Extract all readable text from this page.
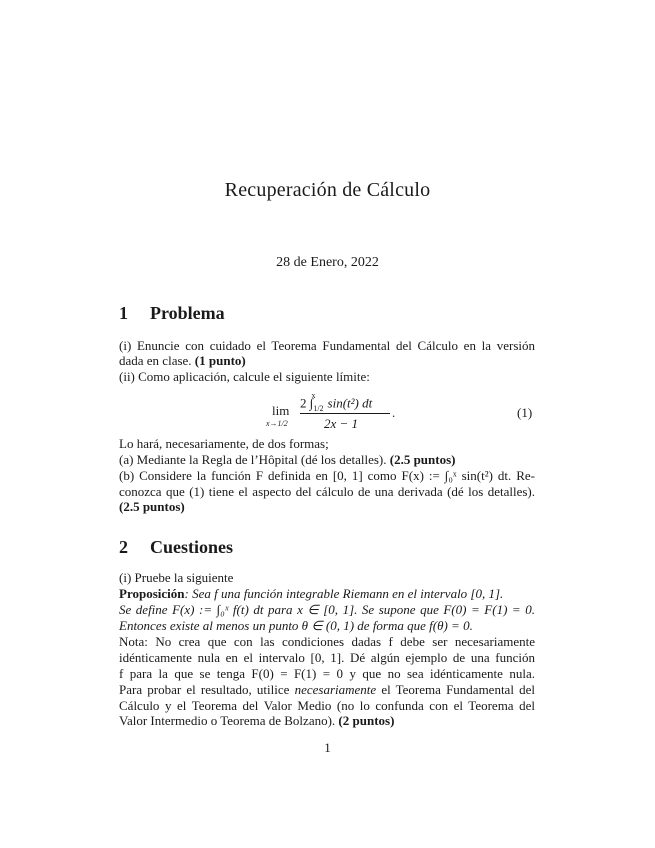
Recuperación de Cálculo
28 de Enero, 2022
1 Problema
(i) Enuncie con cuidado el Teorema Fundamental del Cálculo en la versión
dada en clase. (1 punto)
(ii) Como aplicación, calcule el siguiente límite:
lim
x→1/2
2 $\int_{1/2}^x$ sin(t²) dt
2x − 1
.	(1)
Lo hará, necesariamente, de dos formas;
(a) Mediante la Regla de l’Hôpital (dé los detalles). (2.5 puntos)
(b) Considere la función F definida en [0, 1] como F(x) := ∫₀ˣ sin(t²) dt. Re-
conozca que (1) tiene el aspecto del cálculo de una derivada (dé los detalles).
(2.5 puntos)
2 Cuestiones
(i) Pruebe la siguiente
Proposición: Sea f una función integrable Riemann en el intervalo [0, 1].
Se define F(x) := ∫₀ˣ f(t) dt para x ∈ [0, 1]. Se supone que F(0) = F(1) = 0.
Entonces existe al menos un punto θ ∈ (0, 1) de forma que f(θ) = 0.
Nota: No crea que con las condiciones dadas f debe ser necesariamente
idénticamente nula en el intervalo [0, 1]. Dé algún ejemplo de una función
f para la que se tenga F(0) = F(1) = 0 y que no sea idénticamente nula.
Para probar el resultado, utilice necesariamente el Teorema Fundamental del
Cálculo y el Teorema del Valor Medio (no lo confunda con el Teorema del
Valor Intermedio o Teorema de Bolzano). (2 puntos)
1
